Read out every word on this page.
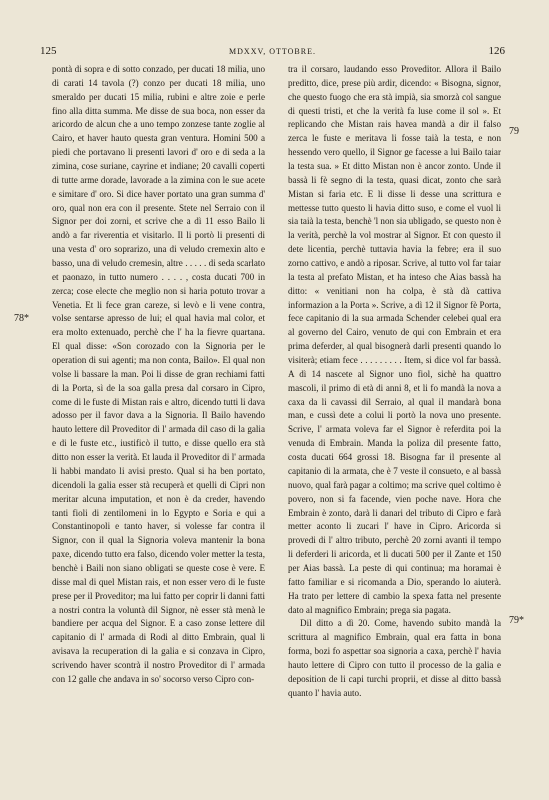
125	MDXXV, OTTOBRE.	126
78*
79
79*

pontà di sopra e di sotto conzado, per ducati 18 milia, uno di carati 14 tavola (?) conzo per ducati 18 milia, uno smeraldo per ducati 15 milia, rubini e altre zoie e perle fino alla ditta summa. Me disse de sua boca, non esser da aricordo de alcun che a uno tempo zonzese tante zoglie al Cairo, et haver hauto questa gran ventura. Homini 500 a piedi che portavano li presenti lavori d' oro e di seda a la zimina, cose suriane, cayrine et indiane; 20 cavalli coperti di tutte arme dorade, lavorade a la zimina con le sue acete e simitare d' oro. Si dice haver portato una gran summa d' oro, qual non era con il presente. Stete nel Serraio con il Signor per doi zorni, et scrive che a dì 11 esso Bailo li andò a far riverentia et visitarlo. Il li portò li presenti di una vesta d' oro soprarizo, una di veludo cremexin alto e basso, una di veludo cremesin, altre . . . . . di seda scarlato et paonazo, in tutto numero . . . . , costa ducati 700 in zerca; cose electe che meglio non si haria potuto trovar a Venetia. Et li fece gran careze, si levò e li vene contra, volse sentarse apresso de lui; el qual havia mal color, et era molto extenuado, perchè che l' ha la fievre quartana. El qual disse: «Son corozado con la Signoria per le operation di sui agenti; ma non conta, Bailo». El qual non volse li bassare la man. Poi li disse de gran rechiami fatti di la Porta, sì de la soa galla presa dal corsaro in Cipro, come di le fuste di Mistan rais e altro, dicendo tutti li dava adosso per il favor dava a la Signoria. Il Bailo havendo hauto lettere dil Proveditor di l' armada dil caso di la galia e di le fuste etc., iustificò il tutto, e disse quello era stà ditto non esser la verità. Et lauda il Proveditor di l' armada li habbi mandato li avisi presto. Qual si ha ben portato, dicendoli la galia esser stà recuperà et quelli di Cipri non meritar alcuna imputation, et non è da creder, havendo tanti fioli di zentilomeni in lo Egypto e Soria e qui a Constantinopoli e tanto haver, si volesse far contra il Signor, con il qual la Signoria voleva mantenir la bona paxe, dicendo tutto era falso, dicendo voler metter la testa, benchè i Baili non siano obligati se queste cose è vere. E disse mal di quel Mistan rais, et non esser vero di le fuste prese per il Proveditor; ma lui fatto per coprir li danni fatti a nostri contra la voluntà dil Signor, nè esser stà menà le bandiere per acqua del Signor. E a caso zonse lettere dil capitanio di l' armada di Rodi al ditto Embrain, qual li avisava la recuperation di la galia e si conzava in Cipro, scrivendo haver scontrà il nostro Proveditor di l' armada con 12 galle che andava in so' socorso verso Cipro con-

tra il corsaro, laudando esso Proveditor. Allora il Bailo preditto, dice, prese più ardir, dicendo: « Bisogna, signor, che questo fuogo che era stà impià, sia smorzà col sangue di questi tristi, et che la verità fa luse come il sol ». Et replicando che Mistan rais havea mandà a dir il falso zerca le fuste e meritava li fosse taià la testa, e non hessendo vero quello, il Signor ge facesse a lui Bailo taiar la testa sua. » Et ditto Mistan non è ancor zonto. Unde il bassà li fè segno di la testa, quasi dicat, zonto che sarà Mistan si faria etc. E li disse li desse una scrittura e mettesse tutto questo li havia ditto suso, e come el vuol li sia taià la testa, benchè 'l non sia ubligado, se questo non è la verità, perchè la vol mostrar al Signor. Et con questo il dete licentia, perchè tuttavia havia la febre; era il suo zorno cattivo, e andò a riposar. Scrive, al tutto vol far taiar la testa al prefato Mistan, et ha inteso che Aias bassà ha ditto: « venitiani non ha colpa, è stà dà cattiva informazion a la Porta ». Scrive, a dì 12 il Signor fè Porta, fece capitanio di la sua armada Schender celebei qual era al governo del Cairo, venuto de qui con Embrain et era prima deferder, al qual bisognerà darli presenti quando lo visiterà; etiam fece . . . . . . . . . Item, si dice vol far bassà. A dì 14 nascete al Signor uno fiol, sichè ha quattro mascoli, il primo di età di anni 8, et li fo mandà la nova a caxa da li cavassi dil Serraio, al qual il mandarà bona man, e cussì dete a colui li portò la nova uno presente. Scrive, l' armata voleva far el Signor è referdita poi la venuda di Embrain. Manda la poliza dil presente fatto, costa ducati 664 grossi 18. Bisogna far il presente al capitanio di la armata, che è 7 veste il consueto, e al bassà nuovo, qual farà pagar a coltimo; ma scrive quel coltimo è povero, non si fa facende, vien poche nave. Hora che Embrain è zonto, darà li danari del tributo di Cipro e farà metter aconto li zucari l' have in Cipro. Aricorda si provedi di l' altro tributo, perchè 20 zorni avanti il tempo li deferderi li aricorda, et li ducati 500 per il Zante et 150 per Aias bassà. La peste di qui continua; ma horamai è fatto familiar e si ricomanda a Dio, sperando lo aiuterà. Ha trato per lettere di cambio la spexa fatta nel presente dato al magnifico Embrain; prega sia pagata.

Dil ditto a dì 20. Come, havendo subito mandà la scrittura al magnifico Embrain, qual era fatta in bona forma, bozi fo aspettar soa signoria a caxa, perchè l' havia hauto lettere di Cipro con tutto il processo de la galia e deposition de li capi turchi proprii, et disse al ditto bassà quanto l' havia auto.
